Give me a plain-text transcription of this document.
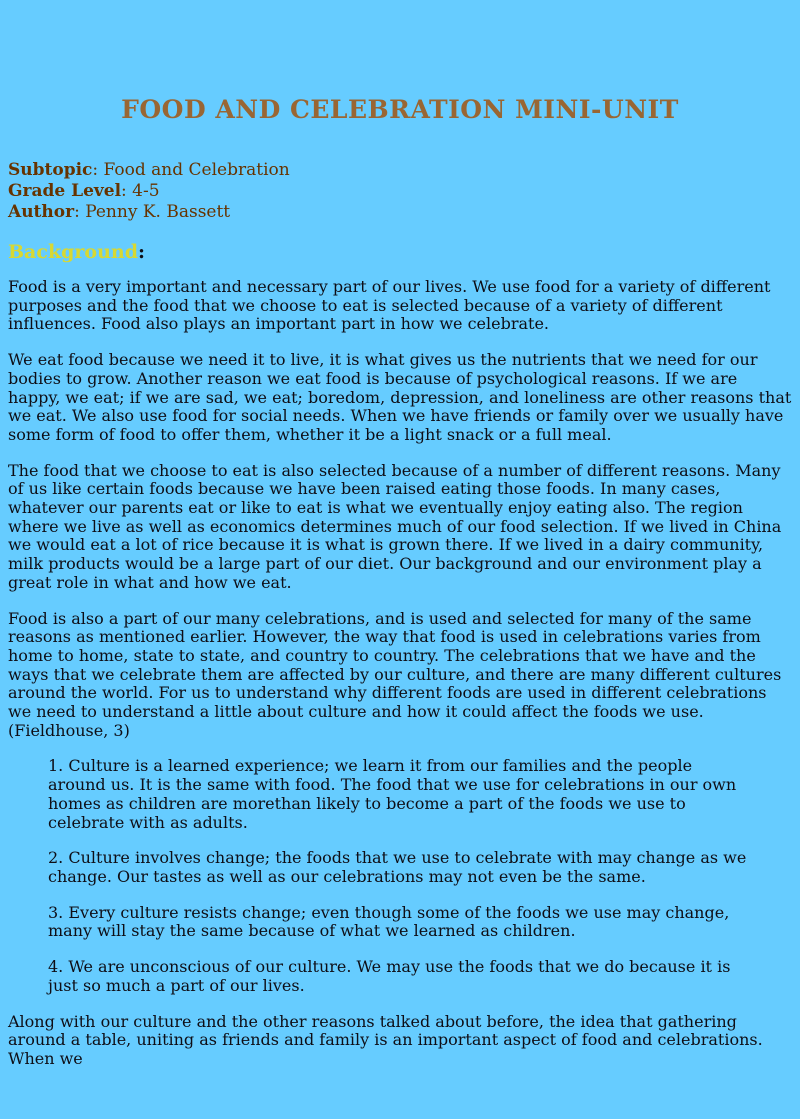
FOOD AND CELEBRATION MINI-UNIT

Subtopic: Food and Celebration

Grade Level: 4-5

Author: Penny K. Bassett

Background:

Food is a very important and necessary part of our lives. We use food for a variety of different purposes and the food that we choose to eat is selected because of a variety of different influences. Food also plays an important part in how we celebrate.

We eat food because we need it to live, it is what gives us the nutrients that we need for our bodies to grow. Another reason we eat food is because of psychological reasons. If we are happy, we eat; if we are sad, we eat; boredom, depression, and loneliness are other reasons that we eat. We also use food for social needs. When we have friends or family over we usually have some form of food to offer them, whether it be a light snack or a full meal.

The food that we choose to eat is also selected because of a number of different reasons. Many of us like certain foods because we have been raised eating those foods. In many cases, whatever our parents eat or like to eat is what we eventually enjoy eating also. The region where we live as well as economics determines much of our food selection. If we lived in China we would eat a lot of rice because it is what is grown there. If we lived in a dairy community, milk products would be a large part of our diet. Our background and our environment play a great role in what and how we eat.

Food is also a part of our many celebrations, and is used and selected for many of the same reasons as mentioned earlier. However, the way that food is used in celebrations varies from home to home, state to state, and country to country. The celebrations that we have and the ways that we celebrate them are affected by our culture, and there are many different cultures around the world. For us to understand why different foods are used in different celebrations we need to understand a little about culture and how it could affect the foods we use. (Fieldhouse, 3)

1. Culture is a learned experience; we learn it from our families and the people around us. It is the same with food. The food that we use for celebrations in our own homes as children are morethan likely to become a part of the foods we use to celebrate with as adults.

2. Culture involves change; the foods that we use to celebrate with may change as we change. Our tastes as well as our celebrations may not even be the same.

3. Every culture resists change; even though some of the foods we use may change, many will stay the same because of what we learned as children.

4. We are unconscious of our culture. We may use the foods that we do because it is just so much a part of our lives.

Along with our culture and the other reasons talked about before, the idea that gathering around a table, uniting as friends and family is an important aspect of food and celebrations. When we
